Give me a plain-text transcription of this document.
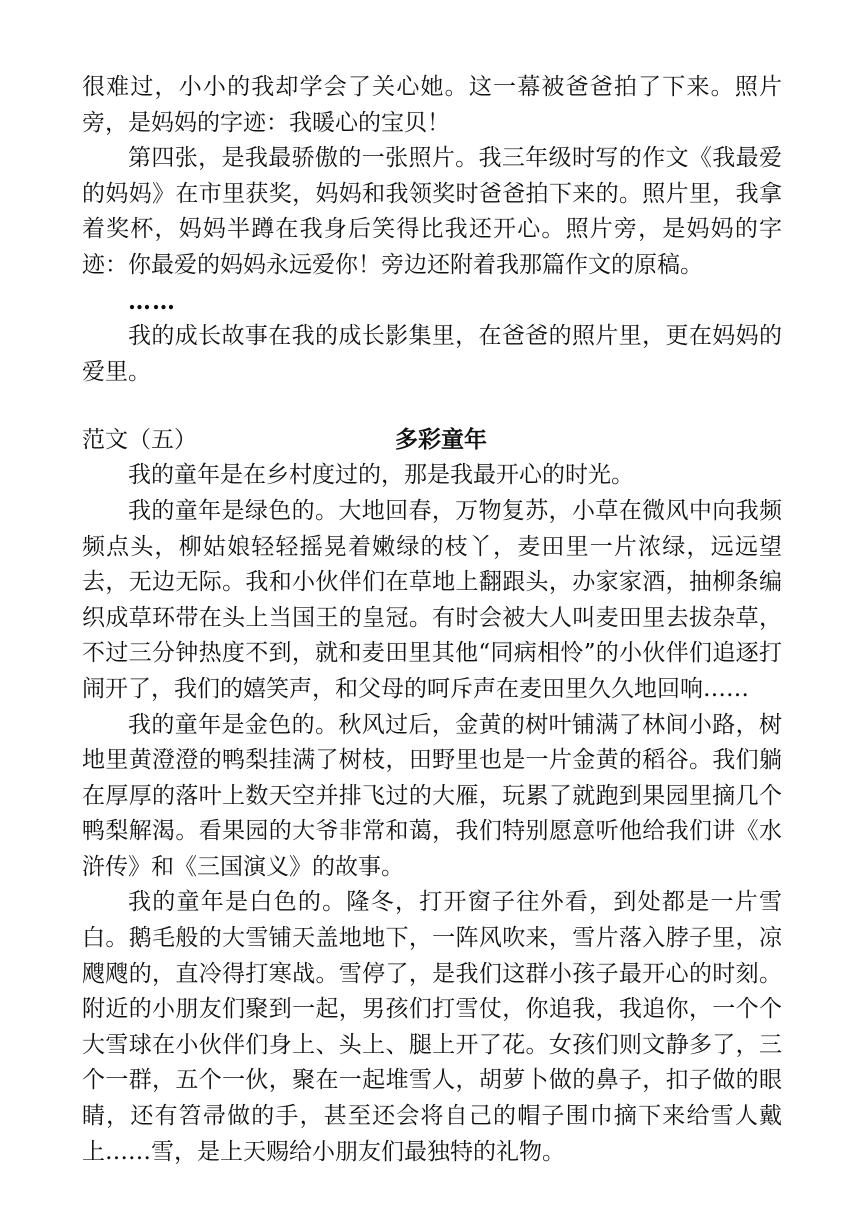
很难过，小小的我却学会了关心她。这一幕被爸爸拍了下来。照片旁，是妈妈的字迹：我暖心的宝贝！

第四张，是我最骄傲的一张照片。我三年级时写的作文《我最爱的妈妈》在市里获奖，妈妈和我领奖时爸爸拍下来的。照片里，我拿着奖杯，妈妈半蹲在我身后笑得比我还开心。照片旁，是妈妈的字迹：你最爱的妈妈永远爱你！旁边还附着我那篇作文的原稿。

……

我的成长故事在我的成长影集里，在爸爸的照片里，更在妈妈的爱里。

范文（五）	多彩童年

我的童年是在乡村度过的，那是我最开心的时光。

我的童年是绿色的。大地回春，万物复苏，小草在微风中向我频频点头，柳姑娘轻轻摇晃着嫩绿的枝丫，麦田里一片浓绿，远远望去，无边无际。我和小伙伴们在草地上翻跟头，办家家酒，抽柳条编织成草环带在头上当国王的皇冠。有时会被大人叫麦田里去拔杂草，不过三分钟热度不到，就和麦田里其他“同病相怜”的小伙伴们追逐打闹开了，我们的嬉笑声，和父母的呵斥声在麦田里久久地回响……

我的童年是金色的。秋风过后，金黄的树叶铺满了林间小路，树地里黄澄澄的鸭梨挂满了树枝，田野里也是一片金黄的稻谷。我们躺在厚厚的落叶上数天空并排飞过的大雁，玩累了就跑到果园里摘几个鸭梨解渴。看果园的大爷非常和蔼，我们特别愿意听他给我们讲《水浒传》和《三国演义》的故事。

我的童年是白色的。隆冬，打开窗子往外看，到处都是一片雪白。鹅毛般的大雪铺天盖地地下，一阵风吹来，雪片落入脖子里，凉飕飕的，直冷得打寒战。雪停了，是我们这群小孩子最开心的时刻。附近的小朋友们聚到一起，男孩们打雪仗，你追我，我追你，一个个大雪球在小伙伴们身上、头上、腿上开了花。女孩们则文静多了，三个一群，五个一伙，聚在一起堆雪人，胡萝卜做的鼻子，扣子做的眼睛，还有笤帚做的手，甚至还会将自己的帽子围巾摘下来给雪人戴上……雪，是上天赐给小朋友们最独特的礼物。
